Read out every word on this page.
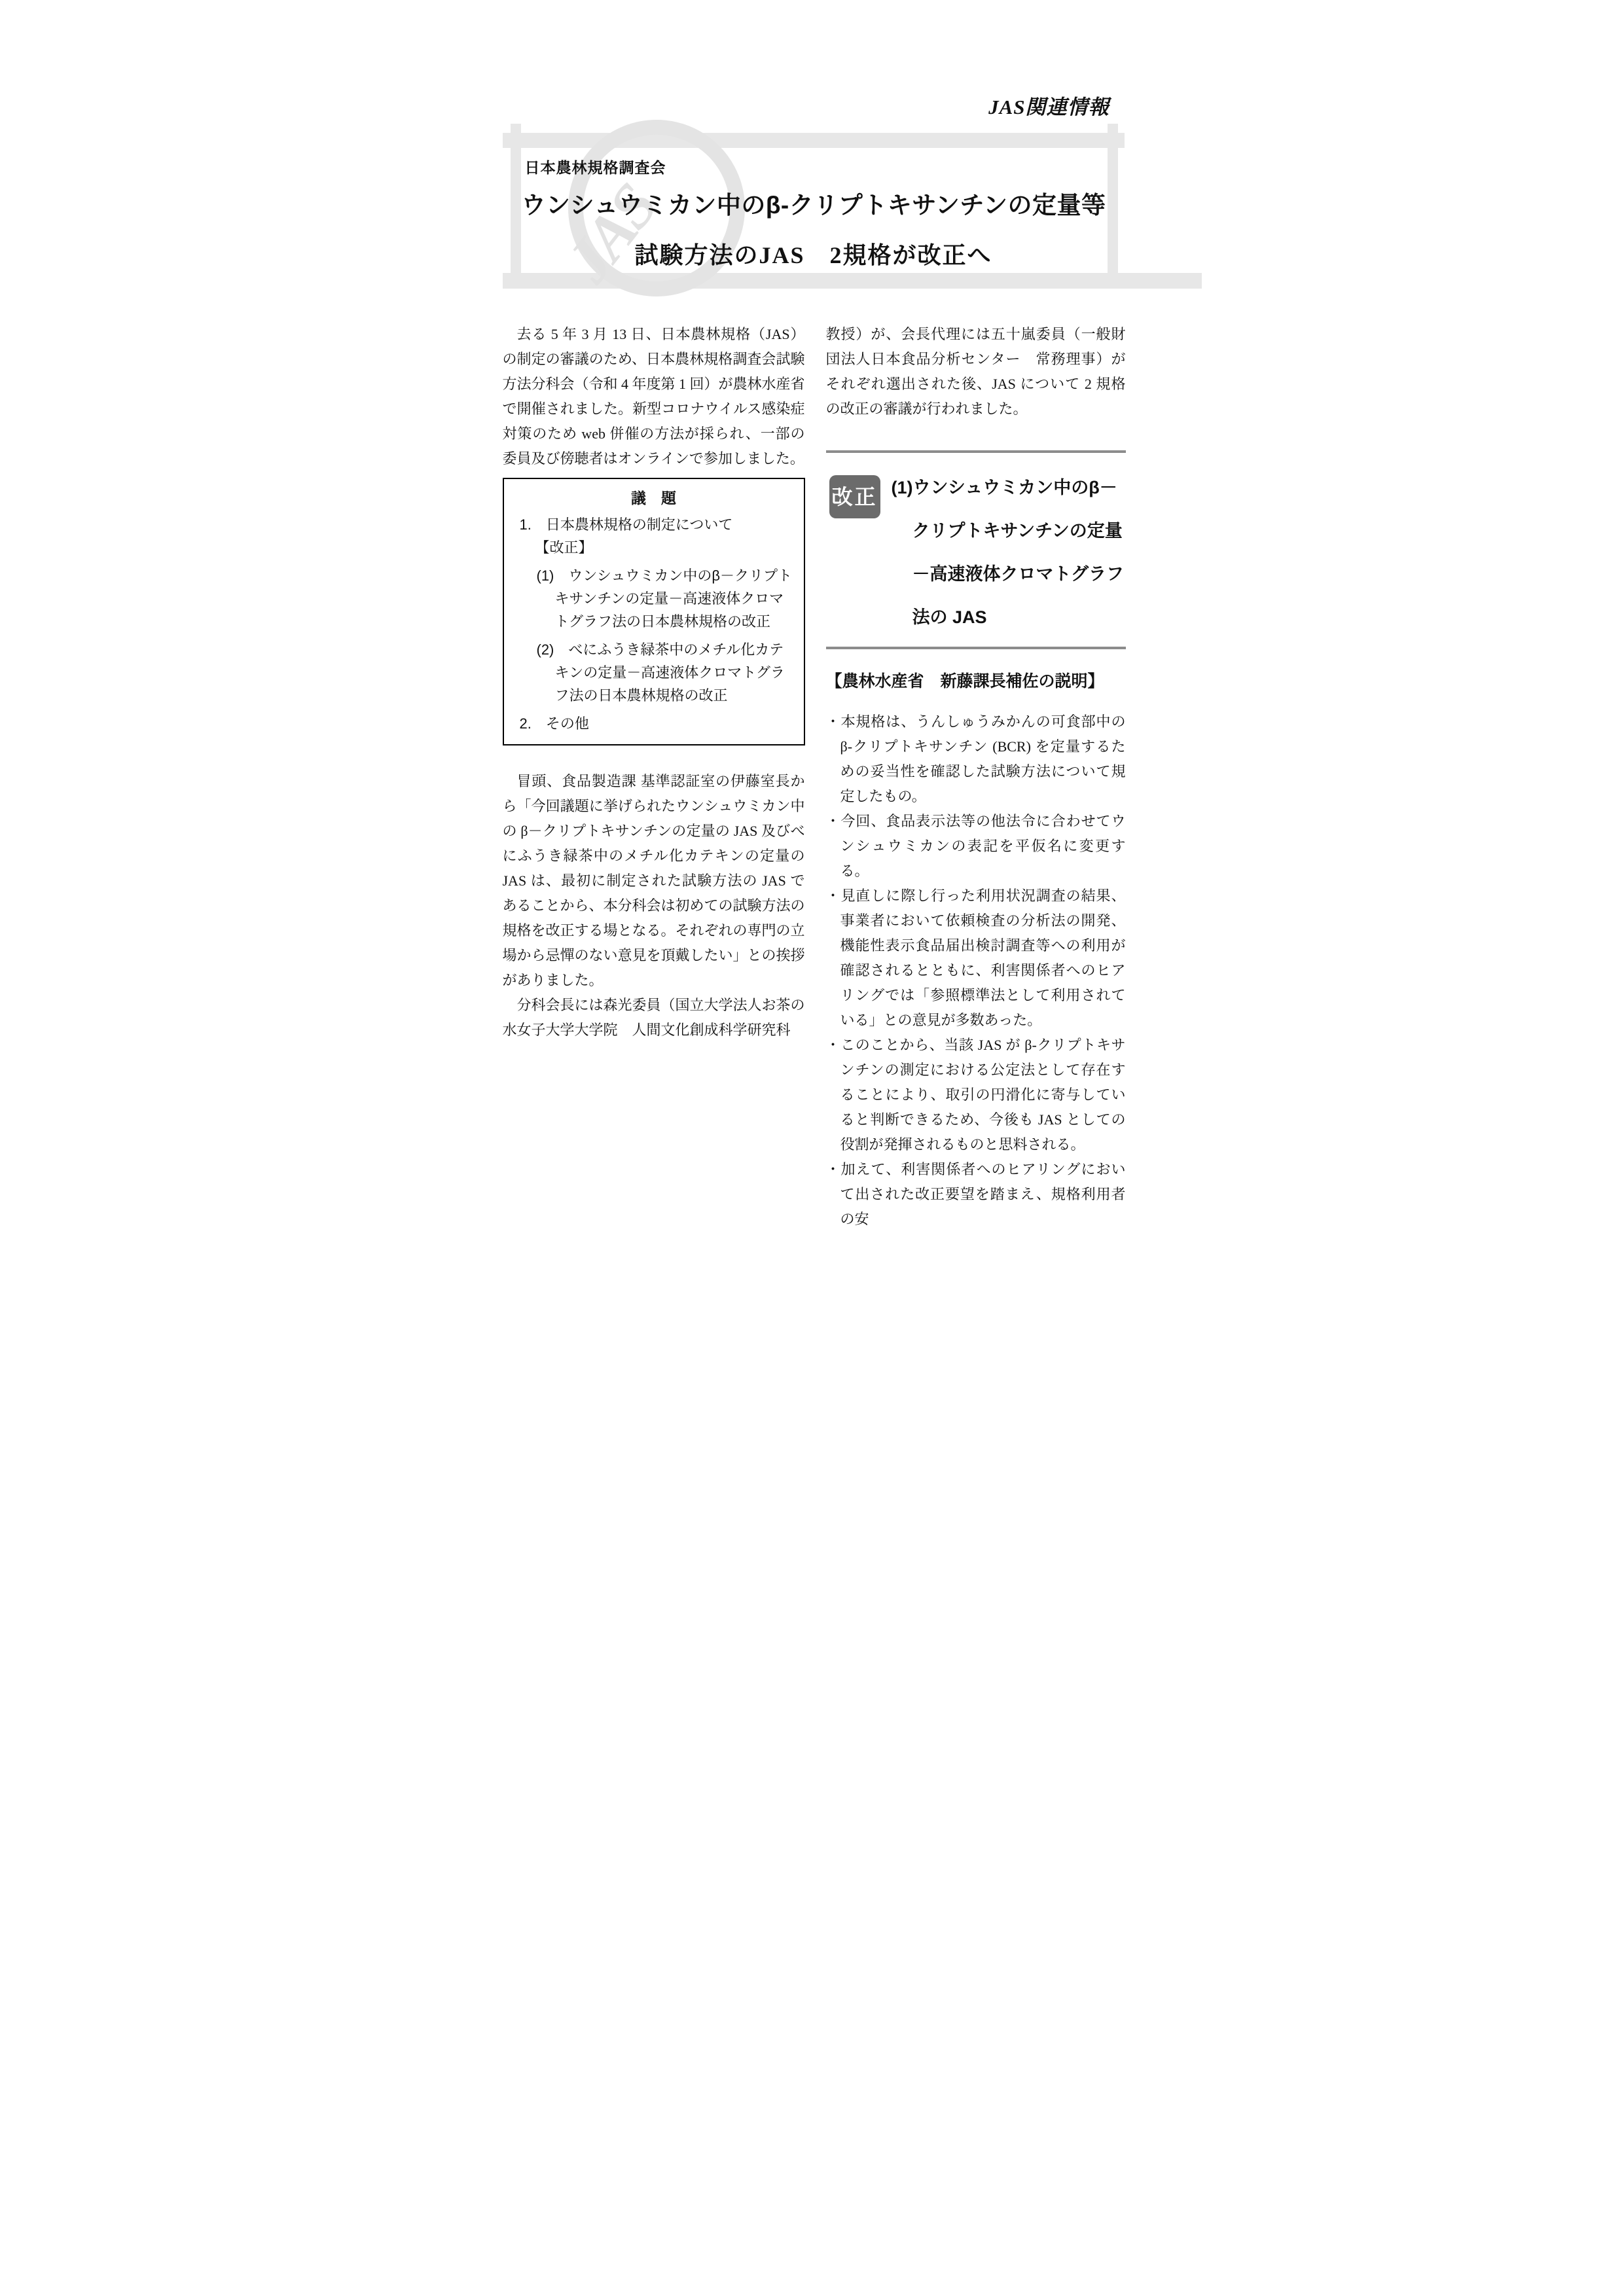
JAS
JAS関連情報
日本農林規格調査会
ウンシュウミカン中のβ-クリプトキサンチンの定量等
試験方法のJAS　2規格が改正へ

去る 5 年 3 月 13 日、日本農林規格（JAS）の制定の審議のため、日本農林規格調査会試験方法分科会（令和 4 年度第 1 回）が農林水産省で開催されました。新型コロナウイルス感染症対策のため web 併催の方法が採られ、一部の委員及び傍聴者はオンラインで参加しました。

議　題
1.　日本農林規格の制定について
【改正】
(1)　ウンシュウミカン中のβ－クリプトキサンチンの定量－高速液体クロマトグラフ法の日本農林規格の改正
(2)　べにふうき緑茶中のメチル化カテキンの定量－高速液体クロマトグラフ法の日本農林規格の改正
2.　その他

冒頭、食品製造課 基準認証室の伊藤室長から「今回議題に挙げられたウンシュウミカン中の β－クリプトキサンチンの定量の JAS 及びべにふうき緑茶中のメチル化カテキンの定量の JAS は、最初に制定された試験方法の JAS であることから、本分科会は初めての試験方法の規格を改正する場となる。それぞれの専門の立場から忌憚のない意見を頂戴したい」との挨拶がありました。

分科会長には森光委員（国立大学法人お茶の水女子大学大学院　人間文化創成科学研究科

教授）が、会長代理には五十嵐委員（一般財団法人日本食品分析センター　常務理事）がそれぞれ選出された後、JAS について 2 規格の改正の審議が行われました。

改正 (1)ウンシュウミカン中のβ－クリプトキサンチンの定量－高速液体クロマトグラフ法の JAS
【農林水産省　新藤課長補佐の説明】

・本規格は、うんしゅうみかんの可食部中のβ-クリプトキサンチン (BCR) を定量するための妥当性を確認した試験方法について規定したもの。

・今回、食品表示法等の他法令に合わせてウンシュウミカンの表記を平仮名に変更する。

・見直しに際し行った利用状況調査の結果、事業者において依頼検査の分析法の開発、機能性表示食品届出検討調査等への利用が確認されるとともに、利害関係者へのヒアリングでは「参照標準法として利用されている」との意見が多数あった。

・このことから、当該 JAS が β-クリプトキサンチンの測定における公定法として存在することにより、取引の円滑化に寄与していると判断できるため、今後も JAS としての役割が発揮されるものと思料される。

・加えて、利害関係者へのヒアリングにおいて出された改正要望を踏まえ、規格利用者の安
